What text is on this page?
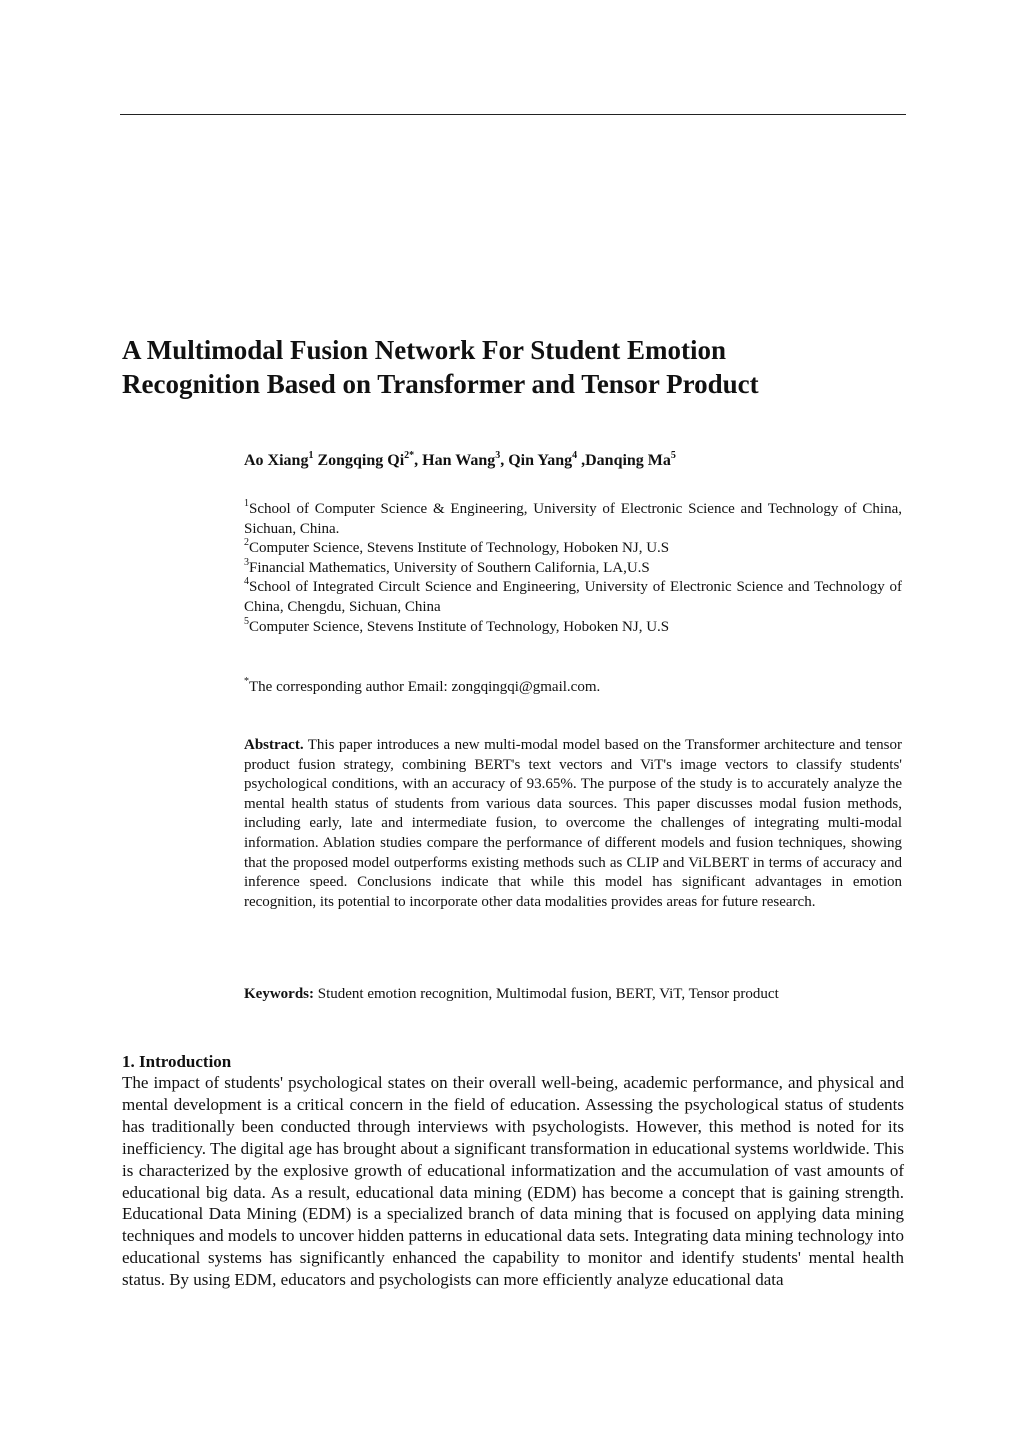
A Multimodal Fusion Network For Student Emotion
Recognition Based on Transformer and Tensor Product

Ao Xiang$^1$ Zongqing $Qi^{2*}$, Han Wang$^3$, Qin Yang$^4$ ,Danqing Ma$^5$

$^1$School of Computer Science & Engineering, University of Electronic Science and Technology of China, Sichuan, China.
$^2$Computer Science, Stevens Institute of Technology, Hoboken NJ, U.S
$^3$Financial Mathematics, University of Southern California, LA,U.S
$^4$School of Integrated Circult Science and Engineering, University of Electronic Science and Technology of China, Chengdu, Sichuan, China
$^5$Computer Science, Stevens Institute of Technology, Hoboken NJ, U.S

*The corresponding author Email: zongqingqi@gmail.com.

Abstract. This paper introduces a new multi-modal model based on the Transformer architecture and tensor product fusion strategy, combining BERT's text vectors and ViT's image vectors to classify students' psychological conditions, with an accuracy of 93.65%. The purpose of the study is to accurately analyze the mental health status of students from various data sources. This paper discusses modal fusion methods, including early, late and intermediate fusion, to overcome the challenges of integrating multi-modal information. Ablation studies compare the performance of different models and fusion techniques, showing that the proposed model outperforms existing methods such as CLIP and ViLBERT in terms of accuracy and inference speed. Conclusions indicate that while this model has significant advantages in emotion recognition, its potential to incorporate other data modalities provides areas for future research.

Keywords: Student emotion recognition, Multimodal fusion, BERT, ViT, Tensor product

1. Introduction

The impact of students' psychological states on their overall well-being, academic performance, and physical and mental development is a critical concern in the field of education. Assessing the psychological status of students has traditionally been conducted through interviews with psychologists. However, this method is noted for its inefficiency. The digital age has brought about a significant transformation in educational systems worldwide. This is characterized by the explosive growth of educational informatization and the accumulation of vast amounts of educational big data. As a result, educational data mining (EDM) has become a concept that is gaining strength. Educational Data Mining (EDM) is a specialized branch of data mining that is focused on applying data mining techniques and models to uncover hidden patterns in educational data sets. Integrating data mining technology into educational systems has significantly enhanced the capability to monitor and identify students' mental health status. By using EDM, educators and psychologists can more efficiently analyze educational data
